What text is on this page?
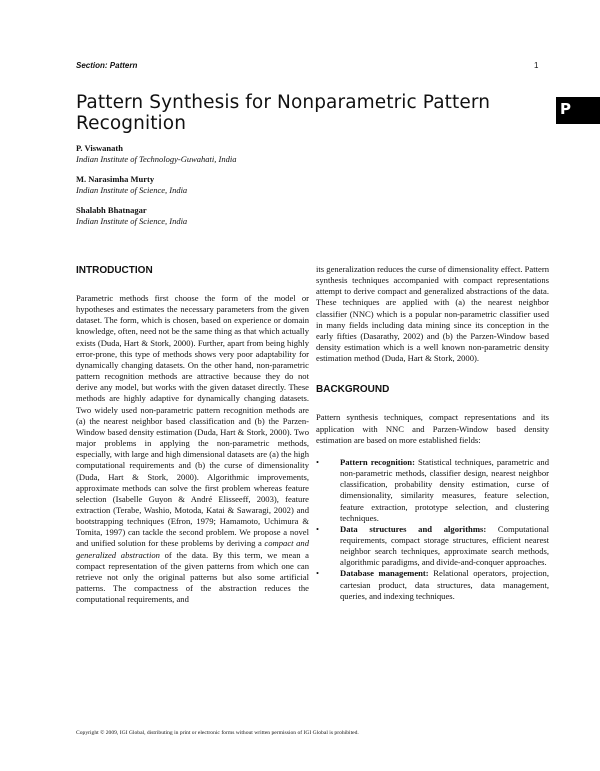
Section: Pattern	1
Pattern Synthesis for Nonparametric Pattern Recognition
P
P. Viswanath
Indian Institute of Technology-Guwahati, India
M. Narasimha Murty
Indian Institute of Science, India
Shalabh Bhatnagar
Indian Institute of Science, India
INTRODUCTION

Parametric methods first choose the form of the model or hypotheses and estimates the necessary parameters from the given dataset. The form, which is chosen, based on experience or domain knowledge, often, need not be the same thing as that which actually exists (Duda, Hart & Stork, 2000). Further, apart from being highly error-prone, this type of methods shows very poor adaptability for dynamically changing datasets. On the other hand, non-parametric pattern recognition methods are attractive because they do not derive any model, but works with the given dataset directly. These methods are highly adaptive for dynamically changing datasets. Two widely used non-parametric pattern recognition methods are (a) the nearest neighbor based classification and (b) the Parzen-Window based density estimation (Duda, Hart & Stork, 2000). Two major problems in applying the non-parametric methods, especially, with large and high dimensional datasets are (a) the high computational requirements and (b) the curse of dimensionality (Duda, Hart & Stork, 2000). Algorithmic improvements, approximate methods can solve the first problem whereas feature selection (Isabelle Guyon & André Elisseeff, 2003), feature extraction (Terabe, Washio, Motoda, Katai & Sawaragi, 2002) and bootstrapping techniques (Efron, 1979; Hamamoto, Uchimura & Tomita, 1997) can tackle the second problem. We propose a novel and unified solution for these problems by deriving a compact and generalized abstraction of the data. By this term, we mean a compact representation of the given patterns from which one can retrieve not only the original patterns but also some artificial patterns. The compactness of the abstraction reduces the computational requirements, and

its generalization reduces the curse of dimensionality effect. Pattern synthesis techniques accompanied with compact representations attempt to derive compact and generalized abstractions of the data. These techniques are applied with (a) the nearest neighbor classifier (NNC) which is a popular non-parametric classifier used in many fields including data mining since its conception in the early fifties (Dasarathy, 2002) and (b) the Parzen-Window based density estimation which is a well known non-parametric density estimation method (Duda, Hart & Stork, 2000).

BACKGROUND

Pattern synthesis techniques, compact representations and its application with NNC and Parzen-Window based density estimation are based on more established fields:

• Pattern recognition: Statistical techniques, parametric and non-parametric methods, classifier design, nearest neighbor classification, probability density estimation, curse of dimensionality, similarity measures, feature selection, feature extraction, prototype selection, and clustering techniques.
• Data structures and algorithms: Computational requirements, compact storage structures, efficient nearest neighbor search techniques, approximate search methods, algorithmic paradigms, and divide-and-conquer approaches.
• Database management: Relational operators, projection, cartesian product, data structures, data management, queries, and indexing techniques.
Copyright © 2009, IGI Global, distributing in print or electronic forms without written permission of IGI Global is prohibited.
